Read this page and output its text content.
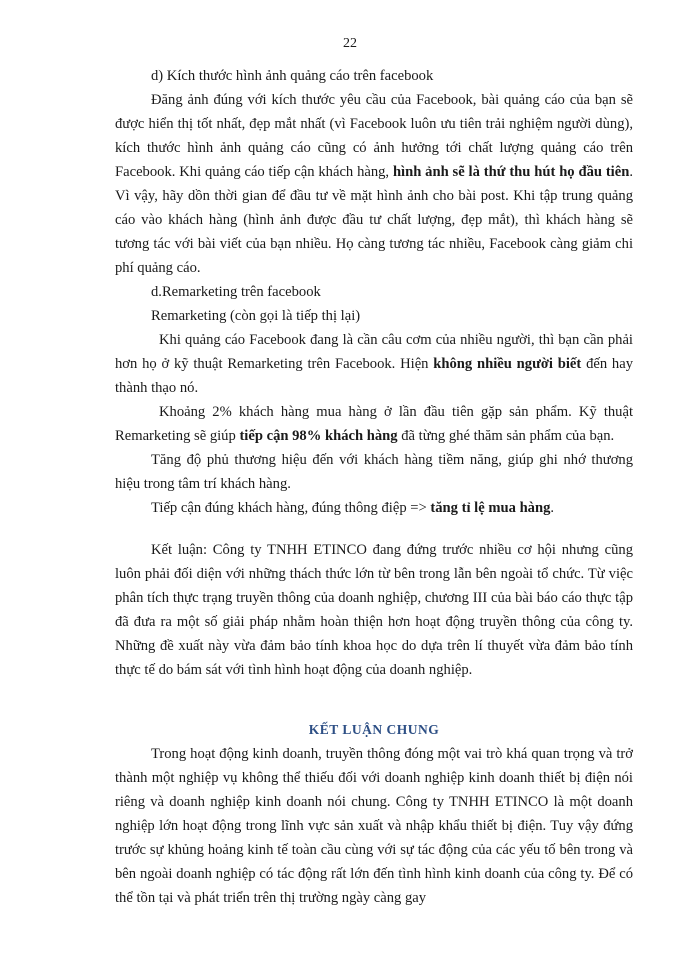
22

d) Kích thước hình ảnh quảng cáo trên facebook

Đăng ảnh đúng với kích thước yêu cầu của Facebook, bài quảng cáo của bạn sẽ được hiển thị tốt nhất, đẹp mắt nhất (vì Facebook luôn ưu tiên trải nghiệm người dùng), kích thước hình ảnh quảng cáo cũng có ảnh hưởng tới chất lượng quảng cáo trên Facebook. Khi quảng cáo tiếp cận khách hàng, hình ảnh sẽ là thứ thu hút họ đầu tiên. Vì vậy, hãy dồn thời gian để đầu tư về mặt hình ảnh cho bài post. Khi tập trung quảng cáo vào khách hàng (hình ảnh được đầu tư chất lượng, đẹp mắt), thì khách hàng sẽ tương tác với bài viết của bạn nhiều. Họ càng tương tác nhiều, Facebook càng giảm chi phí quảng cáo.

d.Remarketing trên facebook

Remarketing (còn gọi là tiếp thị lại)

Khi quảng cáo Facebook đang là cần câu cơm của nhiều người, thì bạn cần phải hơn họ ở kỹ thuật Remarketing trên Facebook. Hiện không nhiều người biết đến hay thành thạo nó.

Khoảng 2% khách hàng mua hàng ở lần đầu tiên gặp sản phẩm. Kỹ thuật Remarketing sẽ giúp tiếp cận 98% khách hàng đã từng ghé thăm sản phẩm của bạn.

Tăng độ phủ thương hiệu đến với khách hàng tiềm năng, giúp ghi nhớ thương hiệu trong tâm trí khách hàng.

Tiếp cận đúng khách hàng, đúng thông điệp => tăng tỉ lệ mua hàng.

Kết luận: Công ty TNHH ETINCO đang đứng trước nhiều cơ hội nhưng cũng luôn phải đối diện với những thách thức lớn từ bên trong lẫn bên ngoài tổ chức. Từ việc phân tích thực trạng truyền thông của doanh nghiệp, chương III của bài báo cáo thực tập đã đưa ra một số giải pháp nhằm hoàn thiện hơn hoạt động truyền thông của công ty. Những đề xuất này vừa đảm bảo tính khoa học do dựa trên lí thuyết vừa đảm bảo tính thực tế do bám sát với tình hình hoạt động của doanh nghiệp.

KẾT LUẬN CHUNG

Trong hoạt động kinh doanh, truyền thông đóng một vai trò khá quan trọng và trở thành một nghiệp vụ không thể thiếu đối với doanh nghiệp kinh doanh thiết bị điện nói riêng và doanh nghiệp kinh doanh nói chung. Công ty TNHH ETINCO là một doanh nghiệp lớn hoạt động trong lĩnh vực sản xuất và nhập khẩu thiết bị điện. Tuy vậy đứng trước sự khủng hoảng kinh tế toàn cầu cùng với sự tác động của các yếu tố bên trong và bên ngoài doanh nghiệp có tác động rất lớn đến tình hình kinh doanh của công ty. Để có thể tồn tại và phát triển trên thị trường ngày càng gay
